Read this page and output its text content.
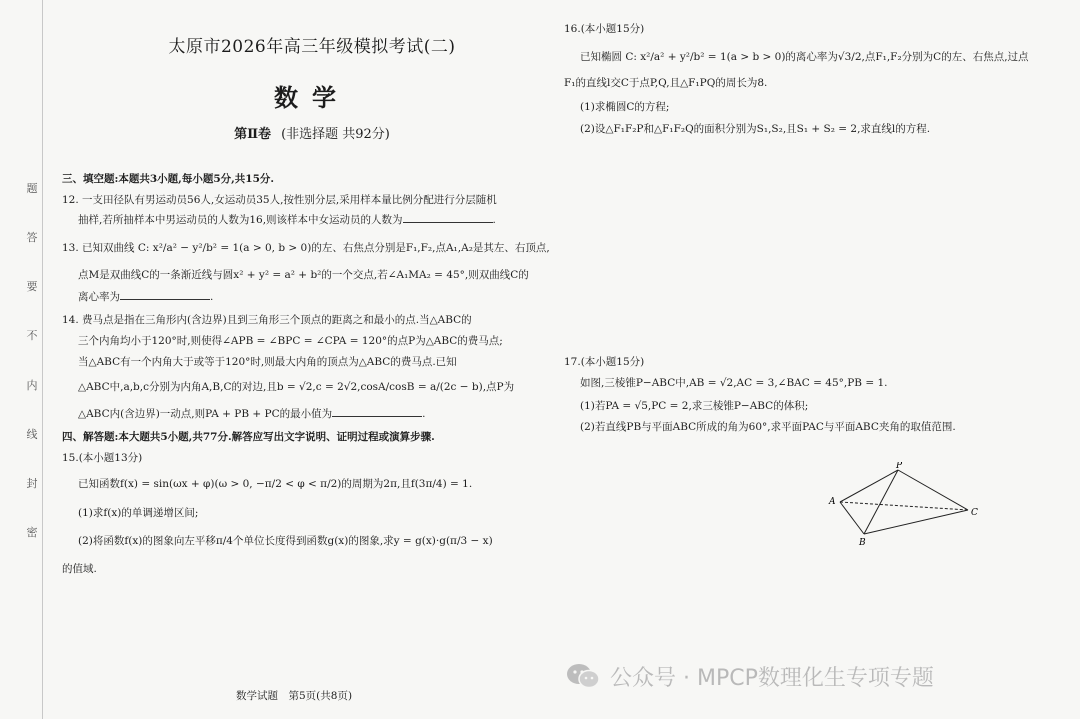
题
答
要
不
内
线
封
密
太原市2026年高三年级模拟考试(二)
数学
第Ⅱ卷 (非选择题 共92分)
三、填空题:本题共3小题,每小题5分,共15分.
12. 一支田径队有男运动员56人,女运动员35人,按性别分层,采用样本量比例分配进行分层随机
抽样,若所抽样本中男运动员的人数为16,则该样本中女运动员的人数为	.
13. 已知双曲线 C: x²/a² − y²/b² = 1(a > 0, b > 0)的左、右焦点分别是F₁,F₂,点A₁,A₂是其左、右顶点,
点M是双曲线C的一条渐近线与圆x² + y² = a² + b²的一个交点,若∠A₁MA₂ = 45°,则双曲线C的
离心率为	.
14. 费马点是指在三角形内(含边界)且到三角形三个顶点的距离之和最小的点.当△ABC的
三个内角均小于120°时,则使得∠APB = ∠BPC = ∠CPA = 120°的点P为△ABC的费马点;
当△ABC有一个内角大于或等于120°时,则最大内角的顶点为△ABC的费马点.已知
△ABC中,a,b,c分别为内角A,B,C的对边,且b = √2,c = 2√2,cosA/cosB = a/(2c − b),点P为
△ABC内(含边界)一动点,则PA + PB + PC的最小值为	.
四、解答题:本大题共5小题,共77分.解答应写出文字说明、证明过程或演算步骤.
15.(本小题13分)
已知函数f(x) = sin(ωx + φ)(ω > 0, −π/2 < φ < π/2)的周期为2π,且f(3π/4) = 1.
(1)求f(x)的单调递增区间;
(2)将函数f(x)的图象向左平移π/4个单位长度得到函数g(x)的图象,求y = g(x)·g(π/3 − x)
的值域.
16.(本小题15分)
已知椭圆 C: x²/a² + y²/b² = 1(a > b > 0)的离心率为√3/2,点F₁,F₂分别为C的左、右焦点,过点
F₁的直线l交C于点P,Q,且△F₁PQ的周长为8.
(1)求椭圆C的方程;
(2)设△F₁F₂P和△F₁F₂Q的面积分别为S₁,S₂,且S₁ + S₂ = 2,求直线l的方程.
17.(本小题15分)
如图,三棱锥P−ABC中,AB = √2,AC = 3,∠BAC = 45°,PB = 1.
(1)若PA = √5,PC = 2,求三棱锥P−ABC的体积;
(2)若直线PB与平面ABC所成的角为60°,求平面PAC与平面ABC夹角的取值范围.
P
A
B
C
数学试题　第5页(共8页)
公众号 · MPCP数理化生专项专题
